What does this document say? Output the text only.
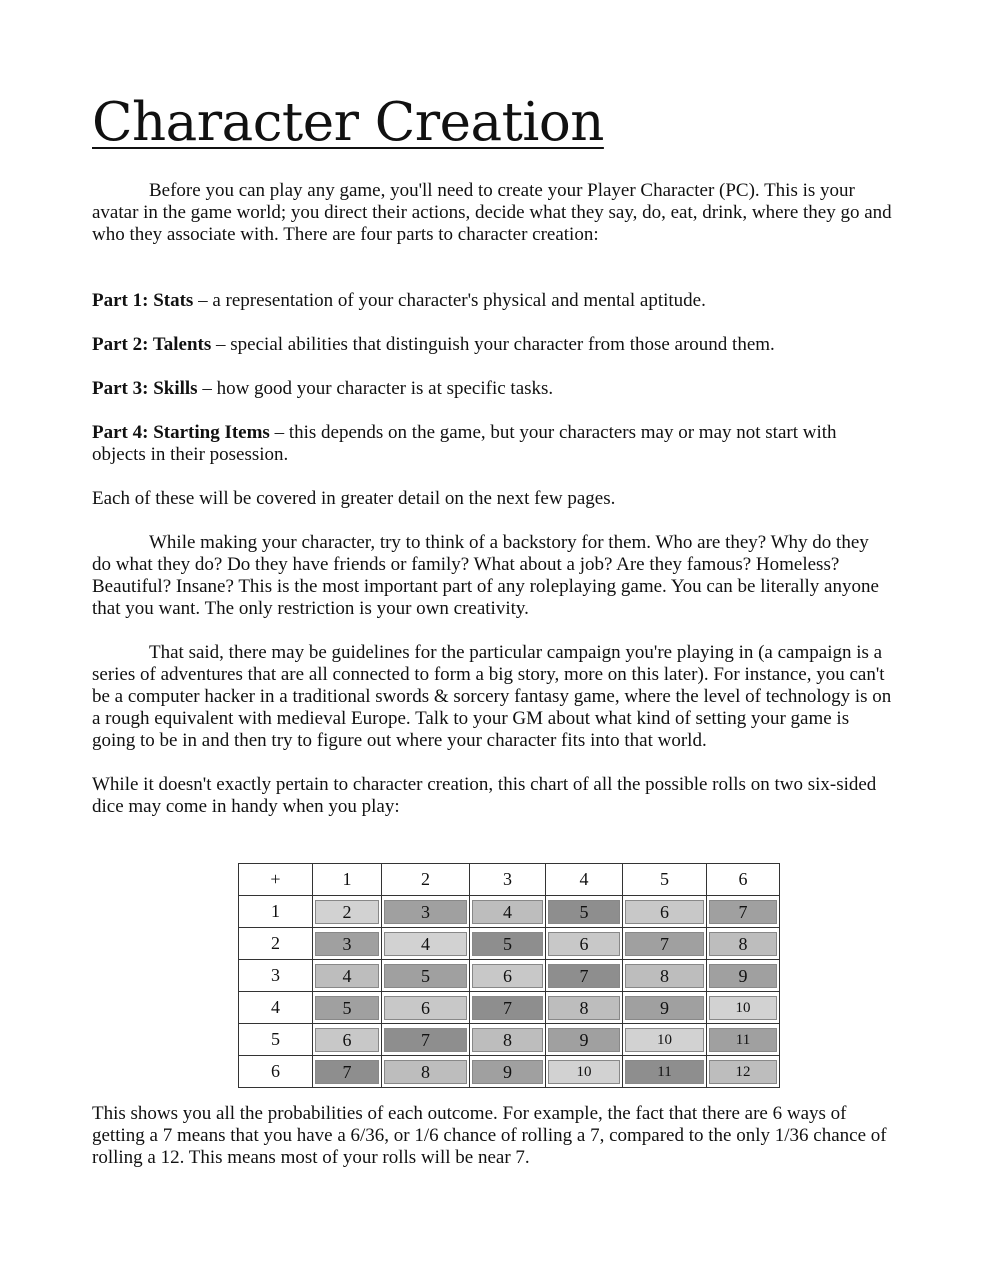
Character Creation

Before you can play any game, you'll need to create your Player Character (PC). This is your avatar in the game world; you direct their actions, decide what they say, do, eat, drink, where they go and who they associate with. There are four parts to character creation:

Part 1: Stats – a representation of your character's physical and mental aptitude.

Part 2: Talents – special abilities that distinguish your character from those around them.

Part 3: Skills – how good your character is at specific tasks.

Part 4: Starting Items – this depends on the game, but your characters may or may not start with objects in their posession.

Each of these will be covered in greater detail on the next few pages.

While making your character, try to think of a backstory for them. Who are they? Why do they do what they do? Do they have friends or family? What about a job? Are they famous? Homeless? Beautiful? Insane? This is the most important part of any roleplaying game. You can be literally anyone that you want. The only restriction is your own creativity.

That said, there may be guidelines for the particular campaign you're playing in (a campaign is a series of adventures that are all connected to form a big story, more on this later). For instance, you can't be a computer hacker in a traditional swords & sorcery fantasy game, where the level of technology is on a rough equivalent with medieval Europe. Talk to your GM about what kind of setting your game is going to be in and then try to figure out where your character fits into that world.

While it doesn't exactly pertain to character creation, this chart of all the possible rolls on two six-sided dice may come in handy when you play:

+	1	2	3	4	5	6
1	2	3	4	5	6	7

2	3	4	5	6	7	8

3	4	5	6	7	8	9

4	5	6	7	8	9	10

5	6	7	8	9	10	11

6	7	8	9	10	11	12

This shows you all the probabilities of each outcome. For example, the fact that there are 6 ways of getting a 7 means that you have a 6/36, or 1/6 chance of rolling a 7, compared to the only 1/36 chance of rolling a 12. This means most of your rolls will be near 7.
